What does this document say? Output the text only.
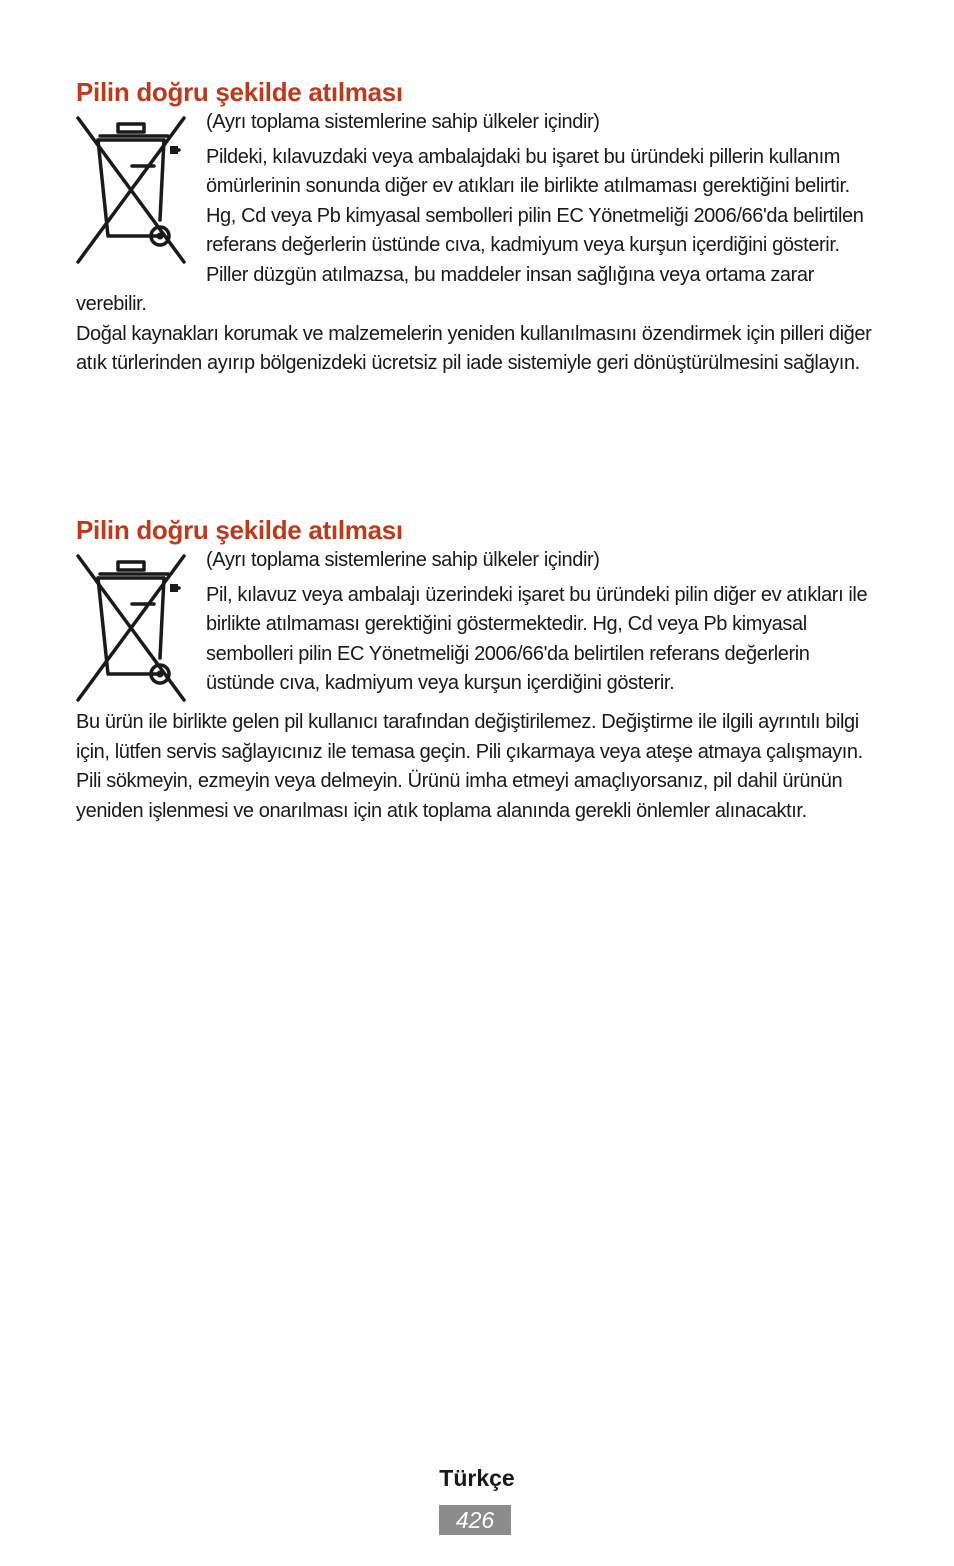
Pilin doğru şekilde atılması

(Ayrı toplama sistemlerine sahip ülkeler içindir)

Pildeki, kılavuzdaki veya ambalajdaki bu işaret bu üründeki pillerin kullanım ömürlerinin sonunda diğer ev atıkları ile birlikte atılmaması gerektiğini belirtir. Hg, Cd veya Pb kimyasal sembolleri pilin EC Yönetmeliği 2006/66'da belirtilen referans değerlerin üstünde cıva, kadmiyum veya kurşun içerdiğini gösterir. Piller düzgün atılmazsa, bu maddeler insan sağlığına veya ortama zarar verebilir.

Doğal kaynakları korumak ve malzemelerin yeniden kullanılmasını özendirmek için pilleri diğer atık türlerinden ayırıp bölgenizdeki ücretsiz pil iade sistemiyle geri dönüştürülmesini sağlayın.

Pilin doğru şekilde atılması

(Ayrı toplama sistemlerine sahip ülkeler içindir)

Pil, kılavuz veya ambalajı üzerindeki işaret bu üründeki pilin diğer ev atıkları ile birlikte atılmaması gerektiğini göstermektedir. Hg, Cd veya Pb kimyasal sembolleri pilin EC Yönetmeliği 2006/66'da belirtilen referans değerlerin üstünde cıva, kadmiyum veya kurşun içerdiğini gösterir.

Bu ürün ile birlikte gelen pil kullanıcı tarafından değiştirilemez. Değiştirme ile ilgili ayrıntılı bilgi için, lütfen servis sağlayıcınız ile temasa geçin. Pili çıkarmaya veya ateşe atmaya çalışmayın. Pili sökmeyin, ezmeyin veya delmeyin. Ürünü imha etmeyi amaçlıyorsanız, pil dahil ürünün yeniden işlenmesi ve onarılması için atık toplama alanında gerekli önlemler alınacaktır.

Türkçe
426
